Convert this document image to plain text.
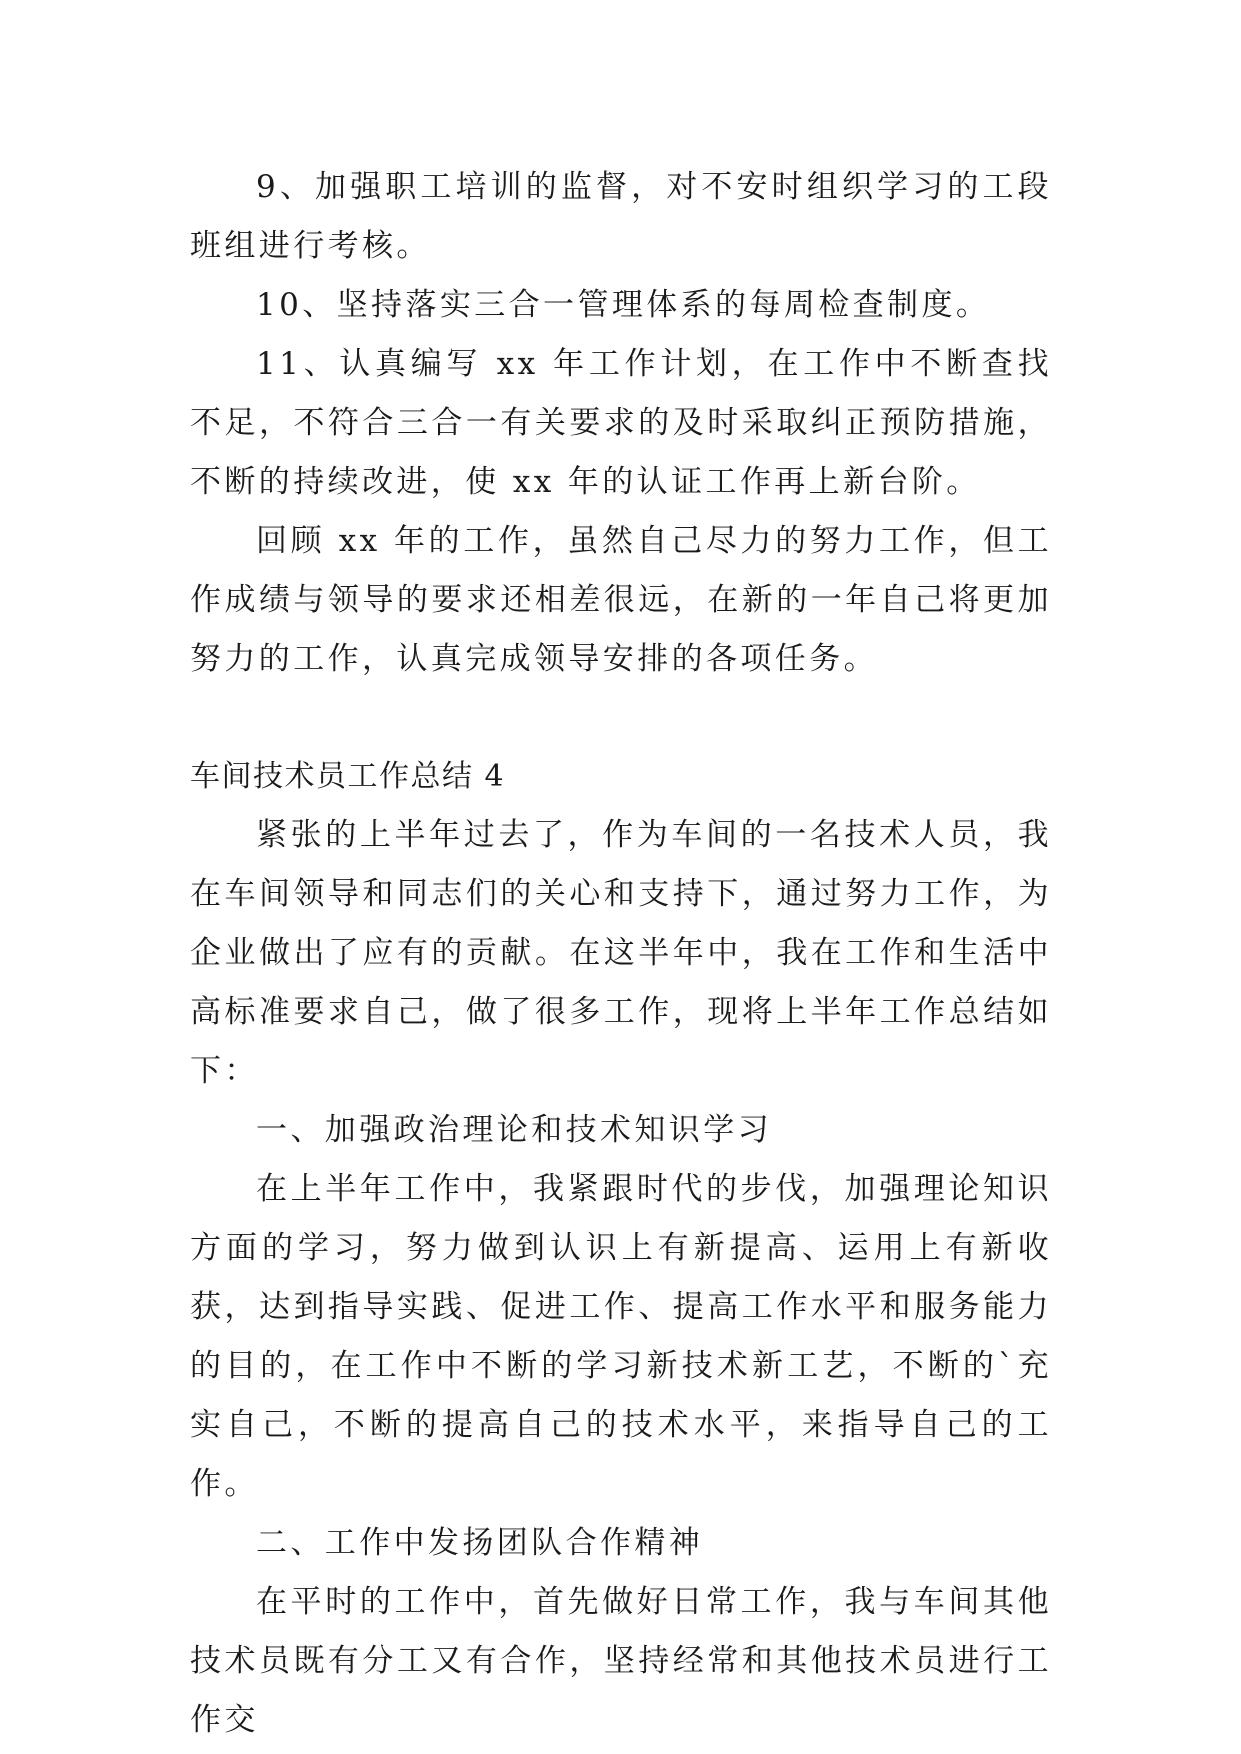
9、加强职工培训的监督，对不安时组织学习的工段班组进行考核。

10、坚持落实三合一管理体系的每周检查制度。

11、认真编写 xx 年工作计划，在工作中不断查找不足，不符合三合一有关要求的及时采取纠正预防措施，不断的持续改进，使 xx 年的认证工作再上新台阶。

回顾 xx 年的工作，虽然自己尽力的努力工作，但工作成绩与领导的要求还相差很远，在新的一年自己将更加努力的工作，认真完成领导安排的各项任务。

车间技术员工作总结 4

紧张的上半年过去了，作为车间的一名技术人员，我在车间领导和同志们的关心和支持下，通过努力工作，为企业做出了应有的贡献。在这半年中，我在工作和生活中高标准要求自己，做了很多工作，现将上半年工作总结如下：

一、加强政治理论和技术知识学习

在上半年工作中，我紧跟时代的步伐，加强理论知识方面的学习，努力做到认识上有新提高、运用上有新收获，达到指导实践、促进工作、提高工作水平和服务能力的目的，在工作中不断的学习新技术新工艺，不断的`充实自己，不断的提高自己的技术水平，来指导自己的工作。

二、工作中发扬团队合作精神

在平时的工作中，首先做好日常工作，我与车间其他技术员既有分工又有合作，坚持经常和其他技术员进行工作交
